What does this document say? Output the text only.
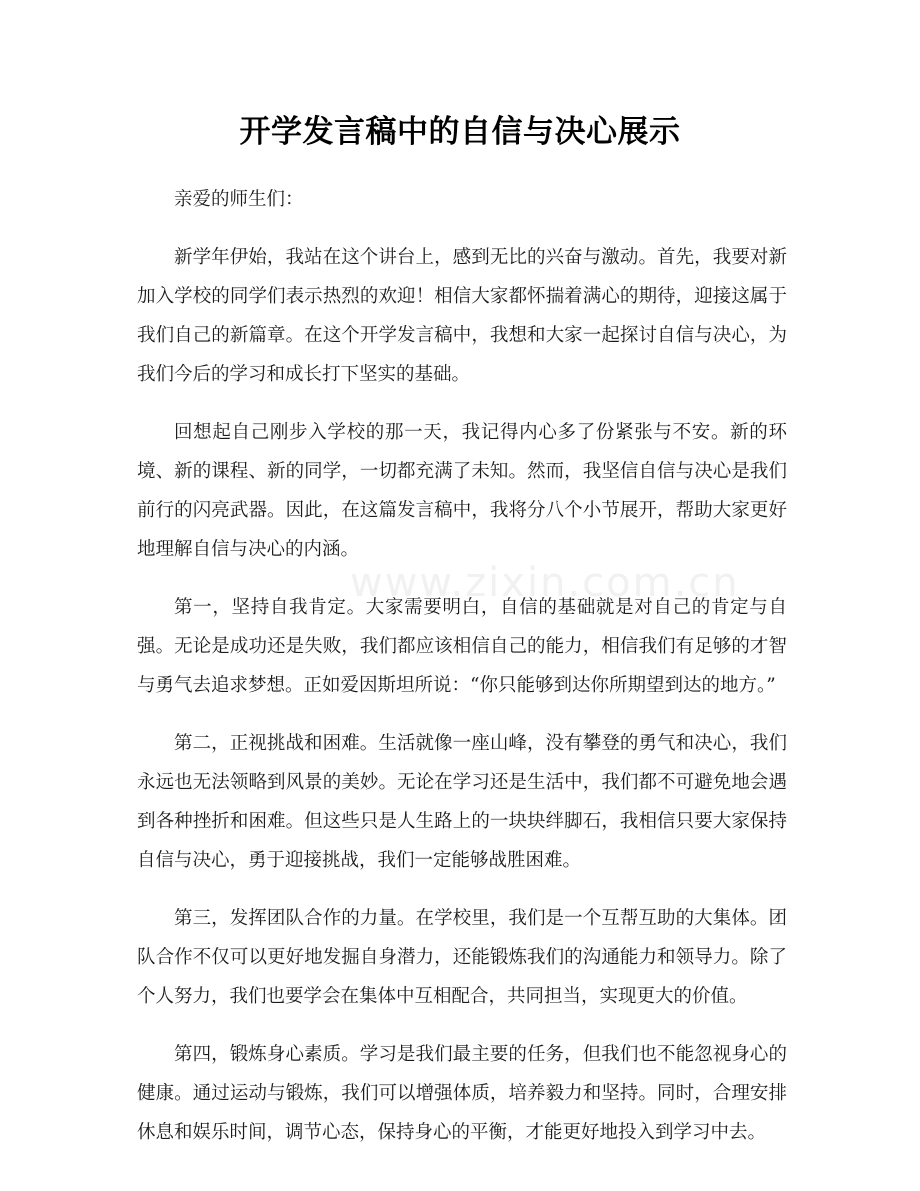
www.zixin.com.cn
开学发言稿中的自信与决心展示

亲爱的师生们：

新学年伊始，我站在这个讲台上，感到无比的兴奋与激动。首先，我要对新加入学校的同学们表示热烈的欢迎！相信大家都怀揣着满心的期待，迎接这属于我们自己的新篇章。在这个开学发言稿中，我想和大家一起探讨自信与决心，为我们今后的学习和成长打下坚实的基础。

回想起自己刚步入学校的那一天，我记得内心多了份紧张与不安。新的环境、新的课程、新的同学，一切都充满了未知。然而，我坚信自信与决心是我们前行的闪亮武器。因此，在这篇发言稿中，我将分八个小节展开，帮助大家更好地理解自信与决心的内涵。

第一，坚持自我肯定。大家需要明白，自信的基础就是对自己的肯定与自强。无论是成功还是失败，我们都应该相信自己的能力，相信我们有足够的才智与勇气去追求梦想。正如爱因斯坦所说：“你只能够到达你所期望到达的地方。”

第二，正视挑战和困难。生活就像一座山峰，没有攀登的勇气和决心，我们永远也无法领略到风景的美妙。无论在学习还是生活中，我们都不可避免地会遇到各种挫折和困难。但这些只是人生路上的一块块绊脚石，我相信只要大家保持自信与决心，勇于迎接挑战，我们一定能够战胜困难。

第三，发挥团队合作的力量。在学校里，我们是一个互帮互助的大集体。团队合作不仅可以更好地发掘自身潜力，还能锻炼我们的沟通能力和领导力。除了个人努力，我们也要学会在集体中互相配合，共同担当，实现更大的价值。

第四，锻炼身心素质。学习是我们最主要的任务，但我们也不能忽视身心的健康。通过运动与锻炼，我们可以增强体质，培养毅力和坚持。同时，合理安排休息和娱乐时间，调节心态，保持身心的平衡，才能更好地投入到学习中去。
